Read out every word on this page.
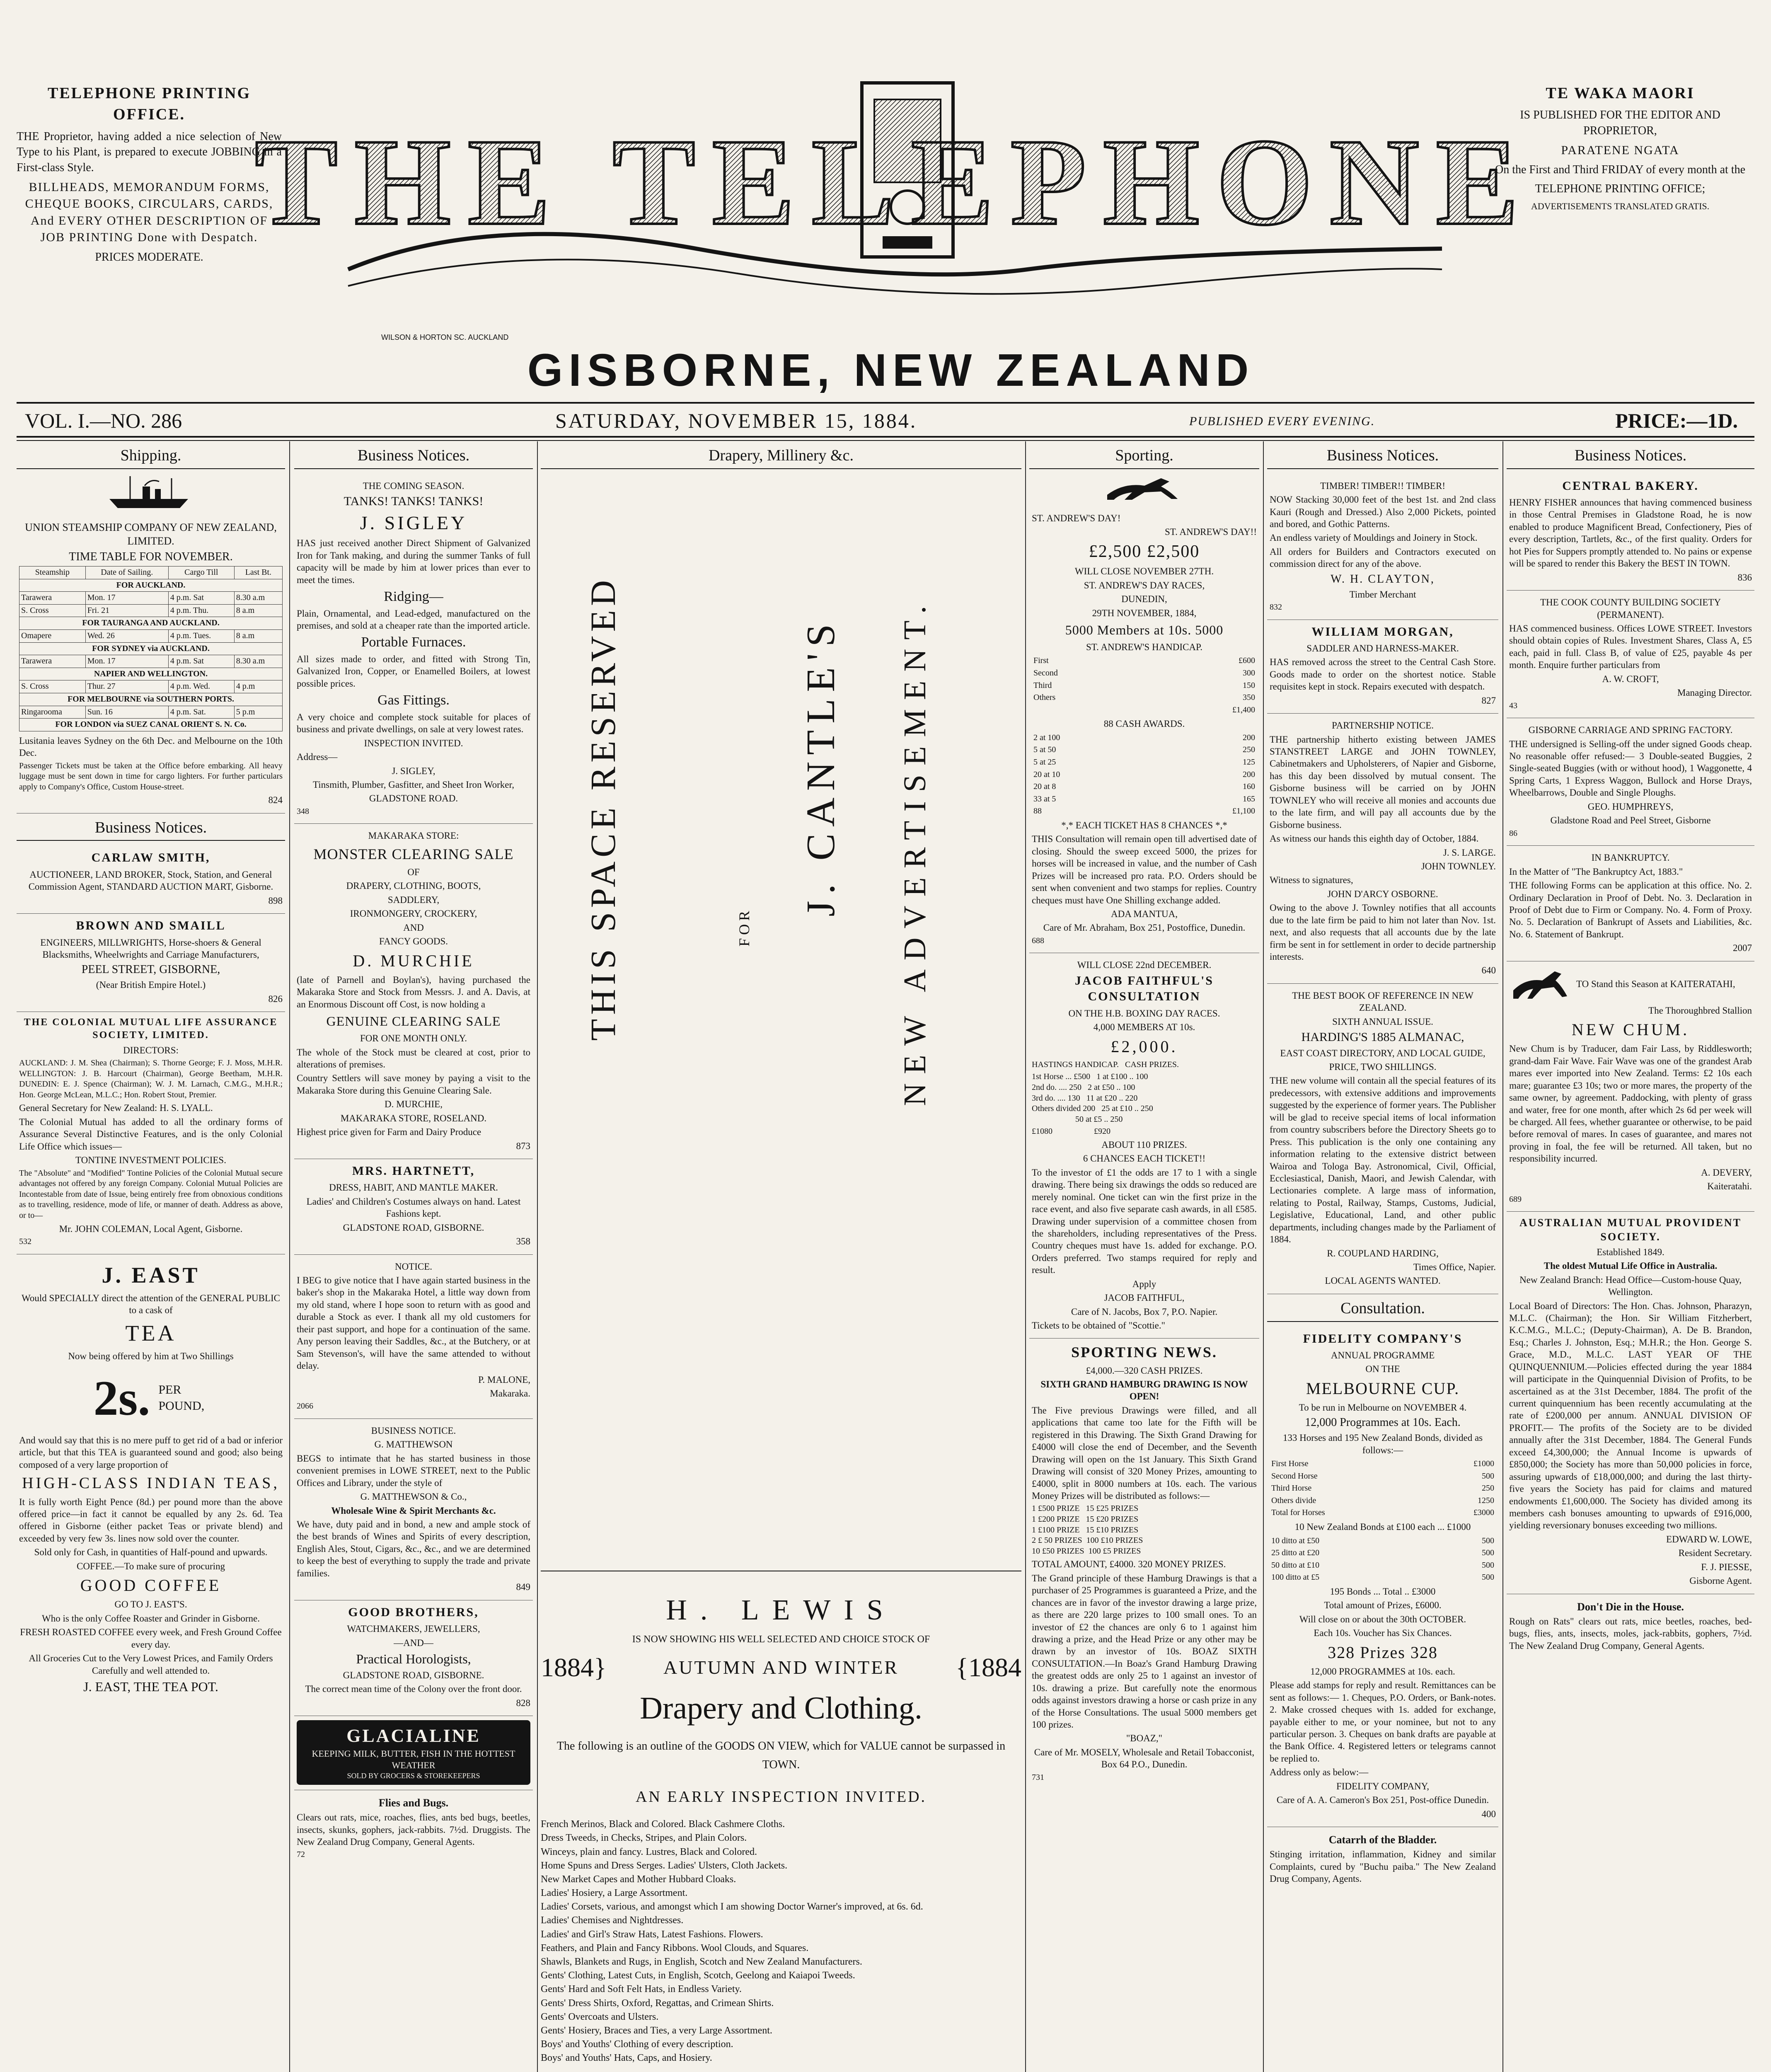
TELEPHONE PRINTING OFFICE.

THE Proprietor, having added a nice selection of New Type to his Plant, is prepared to execute JOBBING in a First-class Style.

BILLHEADS, MEMORANDUM FORMS, CHEQUE BOOKS, CIRCULARS, CARDS, And EVERY OTHER DESCRIPTION OF JOB PRINTING Done with Despatch.

PRICES MODERATE.

THE TELEPHONE
WILSON & HORTON SC. AUCKLAND
GISBORNE, NEW ZEALAND
TE WAKA MAORI

IS PUBLISHED FOR THE EDITOR AND PROPRIETOR,

PARATENE NGATA

On the First and Third FRIDAY of every month at the

TELEPHONE PRINTING OFFICE;

ADVERTISEMENTS TRANSLATED GRATIS.

VOL. I.—NO. 286	SATURDAY, NOVEMBER 15, 1884.	PUBLISHED EVERY EVENING.	PRICE:—1D.
Shipping.

UNION STEAMSHIP COMPANY OF NEW ZEALAND, LIMITED.

TIME TABLE FOR NOVEMBER.

Steamship	Date of Sailing.	Cargo Till	Last Bt.
FOR AUCKLAND.			
Tarawera	Mon. 17	4 p.m. Sat	8.30 a.m
S. Cross	Fri. 21	4 p.m. Thu.	8 a.m
FOR TAURANGA AND AUCKLAND.			
Omapere	Wed. 26	4 p.m. Tues.	8 a.m
FOR SYDNEY via AUCKLAND.			
Tarawera	Mon. 17	4 p.m. Sat	8.30 a.m
NAPIER AND WELLINGTON.			
S. Cross	Thur. 27	4 p.m. Wed.	4 p.m
FOR MELBOURNE via SOUTHERN PORTS.			
Ringarooma	Sun. 16	4 p.m. Sat.	5 p.m
FOR LONDON via SUEZ CANAL ORIENT S. N. Co.			

Lusitania leaves Sydney on the 6th Dec. and Melbourne on the 10th Dec.

Passenger Tickets must be taken at the Office before embarking. All heavy luggage must be sent down in time for cargo lighters. For further particulars apply to Company's Office, Custom House-street.

824

Business Notices.
CARLAW SMITH,

AUCTIONEER, LAND BROKER, Stock, Station, and General Commission Agent, STANDARD AUCTION MART, Gisborne.

898

BROWN AND SMAILL

ENGINEERS, MILLWRIGHTS, Horse-shoers & General Blacksmiths, Wheelwrights and Carriage Manufacturers,

PEEL STREET, GISBORNE,

(Near British Empire Hotel.)

826

THE COLONIAL MUTUAL LIFE ASSURANCE SOCIETY, LIMITED.

DIRECTORS:

AUCKLAND: J. M. Shea (Chairman); S. Thorne George; F. J. Moss, M.H.R. WELLINGTON: J. B. Harcourt (Chairman), George Beetham, M.H.R. DUNEDIN: E. J. Spence (Chairman); W. J. M. Larnach, C.M.G., M.H.R.; Hon. George McLean, M.L.C.; Hon. Robert Stout, Premier.

General Secretary for New Zealand: H. S. LYALL.

The Colonial Mutual has added to all the ordinary forms of Assurance Several Distinctive Features, and is the only Colonial Life Office which issues—

TONTINE INVESTMENT POLICIES.

The "Absolute" and "Modified" Tontine Policies of the Colonial Mutual secure advantages not offered by any foreign Company. Colonial Mutual Policies are Incontestable from date of Issue, being entirely free from obnoxious conditions as to travelling, residence, mode of life, or manner of death. Address as above, or to—

Mr. JOHN COLEMAN, Local Agent, Gisborne.

532

J. EAST

Would SPECIALLY direct the attention of the GENERAL PUBLIC to a cask of

TEA

Now being offered by him at Two Shillings

2s. PER POUND,

And would say that this is no mere puff to get rid of a bad or inferior article, but that this TEA is guaranteed sound and good; also being composed of a very large proportion of

HIGH-CLASS INDIAN TEAS,

It is fully worth Eight Pence (8d.) per pound more than the above offered price—in fact it cannot be equalled by any 2s. 6d. Tea offered in Gisborne (either packet Teas or private blend) and exceeded by very few 3s. lines now sold over the counter.

Sold only for Cash, in quantities of Half-pound and upwards.

COFFEE.—To make sure of procuring

GOOD COFFEE

GO TO J. EAST'S.

Who is the only Coffee Roaster and Grinder in Gisborne.

FRESH ROASTED COFFEE every week, and Fresh Ground Coffee every day.

All Groceries Cut to the Very Lowest Prices, and Family Orders Carefully and well attended to.

J. EAST, THE TEA POT.

Business Notices.

THE COMING SEASON.

TANKS! TANKS! TANKS!

J. SIGLEY

HAS just received another Direct Shipment of Galvanized Iron for Tank making, and during the summer Tanks of full capacity will be made by him at lower prices than ever to meet the times.

Ridging—

Plain, Ornamental, and Lead-edged, manufactured on the premises, and sold at a cheaper rate than the imported article.

Portable Furnaces.

All sizes made to order, and fitted with Strong Tin, Galvanized Iron, Copper, or Enamelled Boilers, at lowest possible prices.

Gas Fittings.

A very choice and complete stock suitable for places of business and private dwellings, on sale at very lowest rates.

INSPECTION INVITED.

Address—

J. SIGLEY,

Tinsmith, Plumber, Gasfitter, and Sheet Iron Worker,

GLADSTONE ROAD.

348

MAKARAKA STORE:

MONSTER CLEARING SALE

OF

DRAPERY, CLOTHING, BOOTS,

SADDLERY,

IRONMONGERY, CROCKERY,

AND

FANCY GOODS.

D. MURCHIE

(late of Parnell and Boylan's), having purchased the Makaraka Store and Stock from Messrs. J. and A. Davis, at an Enormous Discount off Cost, is now holding a

GENUINE CLEARING SALE

FOR ONE MONTH ONLY.

The whole of the Stock must be cleared at cost, prior to alterations of premises.

Country Settlers will save money by paying a visit to the Makaraka Store during this Genuine Clearing Sale.

D. MURCHIE,

MAKARAKA STORE, ROSELAND.

Highest price given for Farm and Dairy Produce

873

MRS. HARTNETT,

DRESS, HABIT, AND MANTLE MAKER.

Ladies' and Children's Costumes always on hand. Latest Fashions kept.

GLADSTONE ROAD, GISBORNE.

358

NOTICE.

I BEG to give notice that I have again started business in the baker's shop in the Makaraka Hotel, a little way down from my old stand, where I hope soon to return with as good and durable a Stock as ever. I thank all my old customers for their past support, and hope for a continuation of the same. Any person leaving their Saddles, &c., at the Butchery, or at Sam Stevenson's, will have the same attended to without delay.

P. MALONE,

Makaraka.

2066

BUSINESS NOTICE.

G. MATTHEWSON

BEGS to intimate that he has started business in those convenient premises in LOWE STREET, next to the Public Offices and Library, under the style of

G. MATTHEWSON & Co.,

Wholesale Wine & Spirit Merchants &c.

We have, duty paid and in bond, a new and ample stock of the best brands of Wines and Spirits of every description, English Ales, Stout, Cigars, &c., &c., and we are determined to keep the best of everything to supply the trade and private families.

849

GOOD BROTHERS,

WATCHMAKERS, JEWELLERS,

—AND—

Practical Horologists,

GLADSTONE ROAD, GISBORNE.

The correct mean time of the Colony over the front door.

828

GLACIALINE
KEEPING MILK, BUTTER, FISH IN THE HOTTEST WEATHER
SOLD BY GROCERS & STOREKEEPERS

Flies and Bugs.

Clears out rats, mice, roaches, flies, ants bed bugs, beetles, insects, skunks, gophers, jack-rabbits. 7½d. Druggists. The New Zealand Drug Company, General Agents.

72

Drapery, Millinery &c.
THIS SPACE RESERVED	FOR
J. CANTLE'S NEW ADVERTISEMENT.
H. LEWIS
IS NOW SHOWING HIS WELL SELECTED AND CHOICE STOCK OF
1884}	AUTUMN AND WINTER {1884
Drapery and Clothing.

The following is an outline of the GOODS ON VIEW, which for VALUE cannot be surpassed in TOWN.

AN EARLY INSPECTION INVITED.
French Merinos, Black and Colored. Black Cashmere Cloths.
Dress Tweeds, in Checks, Stripes, and Plain Colors.
Winceys, plain and fancy. Lustres, Black and Colored.
Home Spuns and Dress Serges. Ladies' Ulsters, Cloth Jackets.
New Market Capes and Mother Hubbard Cloaks.
Ladies' Hosiery, a Large Assortment.
Ladies' Corsets, various, and amongst which I am showing Doctor Warner's improved, at 6s. 6d.
Ladies' Chemises and Nightdresses.
Ladies' and Girl's Straw Hats, Latest Fashions. Flowers.
Feathers, and Plain and Fancy Ribbons. Wool Clouds, and Squares.
Shawls, Blankets and Rugs, in English, Scotch and New Zealand Manufacturers.
Gents' Clothing, Latest Cuts, in English, Scotch, Geelong and Kaiapoi Tweeds.
Gents' Hard and Soft Felt Hats, in Endless Variety.
Gents' Dress Shirts, Oxford, Regattas, and Crimean Shirts.
Gents' Overcoats and Ulsters.
Gents' Hosiery, Braces and Ties, a very Large Assortment.
Boys' and Youths' Clothing of every description.
Boys' and Youths' Hats, Caps, and Hosiery.

Sporting.

ST. ANDREW'S DAY!

ST. ANDREW'S DAY!!

£2,500 £2,500

WILL CLOSE NOVEMBER 27TH.

ST. ANDREW'S DAY RACES,

DUNEDIN,

29TH NOVEMBER, 1884,

5000 Members at 10s. 5000

ST. ANDREW'S HANDICAP.

First	£600
Second	300
Third	150
Others	350
	£1,400

88 CASH AWARDS.

2 at 100	200
5 at 50	250
5 at 25	125
20 at 10	200
20 at 8	160
33 at 5	165
88	£1,100

*,* EACH TICKET HAS 8 CHANCES *,*

THIS Consultation will remain open till advertised date of closing. Should the sweep exceed 5000, the prizes for horses will be increased in value, and the number of Cash Prizes will be increased pro rata. P.O. Orders should be sent when convenient and two stamps for replies. Country cheques must have One Shilling exchange added.

ADA MANTUA,

Care of Mr. Abraham, Box 251, Postoffice, Dunedin.

688

WILL CLOSE 22nd DECEMBER.

JACOB FAITHFUL'S CONSULTATION

ON THE H.B. BOXING DAY RACES.

4,000 MEMBERS AT 10s.

£2,000.

HASTINGS HANDICAP.   CASH PRIZES.

1st Horse ... £500   1 at £100 .. 100
2nd do. .... 250   2 at £50 .. 100
3rd do. .... 130   11 at £20 .. 220
Others divided 200   25 at £10 .. 250
50 at £5 .. 250

£1080                    £920

ABOUT 110 PRIZES.

6 CHANCES EACH TICKET!!

To the investor of £1 the odds are 17 to 1 with a single drawing. There being six drawings the odds so reduced are merely nominal. One ticket can win the first prize in the race event, and also five separate cash awards, in all £585. Drawing under supervision of a committee chosen from the shareholders, including representatives of the Press. Country cheques must have 1s. added for exchange. P.O. Orders preferred. Two stamps required for reply and result.

Apply

JACOB FAITHFUL,

Care of N. Jacobs, Box 7, P.O. Napier.

Tickets to be obtained of "Scottie."

SPORTING NEWS.

£4,000.—320 CASH PRIZES.

SIXTH GRAND HAMBURG DRAWING IS NOW OPEN!

The Five previous Drawings were filled, and all applications that came too late for the Fifth will be registered in this Drawing. The Sixth Grand Drawing for £4000 will close the end of December, and the Seventh Drawing will open on the 1st January. This Sixth Grand Drawing will consist of 320 Money Prizes, amounting to £4000, split in 8000 numbers at 10s. each. The various Money Prizes will be distributed as follows:—

1 £500 PRIZE   15 £25 PRIZES
1 £200 PRIZE   15 £20 PRIZES
1 £100 PRIZE   15 £10 PRIZES
2 £ 50 PRIZES  100 £10 PRIZES
10 £50 PRIZES  100 £5 PRIZES

TOTAL AMOUNT, £4000. 320 MONEY PRIZES.

The Grand principle of these Hamburg Drawings is that a purchaser of 25 Programmes is guaranteed a Prize, and the chances are in favor of the investor drawing a large prize, as there are 220 large prizes to 100 small ones. To an investor of £2 the chances are only 6 to 1 against him drawing a prize, and the Head Prize or any other may be drawn by an investor of 10s. BOAZ SIXTH CONSULTATION.—In Boaz's Grand Hamburg Drawing the greatest odds are only 25 to 1 against an investor of 10s. drawing a prize. But carefully note the enormous odds against investors drawing a horse or cash prize in any of the Horse Consultations. The usual 5000 members get 100 prizes.

"BOAZ,"

Care of Mr. MOSELY, Wholesale and Retail Tobacconist, Box 64 P.O., Dunedin.

731

Business Notices.

TIMBER! TIMBER!! TIMBER!

NOW Stacking 30,000 feet of the best 1st. and 2nd class Kauri (Rough and Dressed.) Also 2,000 Pickets, pointed and bored, and Gothic Patterns.

An endless variety of Mouldings and Joinery in Stock.

All orders for Builders and Contractors executed on commission direct for any of the above.

W. H. CLAYTON,

Timber Merchant

832

WILLIAM MORGAN,

SADDLER AND HARNESS-MAKER.

HAS removed across the street to the Central Cash Store. Goods made to order on the shortest notice. Stable requisites kept in stock. Repairs executed with despatch.

827

PARTNERSHIP NOTICE.

THE partnership hitherto existing between JAMES STANSTREET LARGE and JOHN TOWNLEY, Cabinetmakers and Upholsterers, of Napier and Gisborne, has this day been dissolved by mutual consent. The Gisborne business will be carried on by JOHN TOWNLEY who will receive all monies and accounts due to the late firm, and will pay all accounts due by the Gisborne business.

As witness our hands this eighth day of October, 1884.

J. S. LARGE.

JOHN TOWNLEY.

Witness to signatures,

JOHN D'ARCY OSBORNE.

Owing to the above J. Townley notifies that all accounts due to the late firm be paid to him not later than Nov. 1st. next, and also requests that all accounts due by the late firm be sent in for settlement in order to decide partnership interests.

640

THE BEST BOOK OF REFERENCE IN NEW ZEALAND.

SIXTH ANNUAL ISSUE.

HARDING'S 1885 ALMANAC,

EAST COAST DIRECTORY, AND LOCAL GUIDE,

PRICE, TWO SHILLINGS.

THE new volume will contain all the special features of its predecessors, with extensive additions and improvements suggested by the experience of former years. The Publisher will be glad to receive special items of local information from country subscribers before the Directory Sheets go to Press. This publication is the only one containing any information relating to the extensive district between Wairoa and Tologa Bay. Astronomical, Civil, Official, Ecclesiastical, Danish, Maori, and Jewish Calendar, with Lectionaries complete. A large mass of information, relating to Postal, Railway, Stamps, Customs, Judicial, Legislative, Educational, Land, and other public departments, including changes made by the Parliament of 1884.

R. COUPLAND HARDING,

Times Office, Napier.

LOCAL AGENTS WANTED.

Consultation.
FIDELITY COMPANY'S

ANNUAL PROGRAMME

ON THE

MELBOURNE CUP.

To be run in Melbourne on NOVEMBER 4.

12,000 Programmes at 10s. Each.

133 Horses and 195 New Zealand Bonds, divided as follows:—

First Horse	£1000
Second Horse	500
Third Horse	250
Others divide	1250
Total for Horses	£3000

10 New Zealand Bonds at £100 each ... £1000

10 ditto at £50	500
25 ditto at £20	500
50 ditto at £10	500
100 ditto at £5	500

195 Bonds ... Total .. £3000

Total amount of Prizes, £6000.

Will close on or about the 30th OCTOBER.

Each 10s. Voucher has Six Chances.

328 Prizes 328

12,000 PROGRAMMES at 10s. each.

Please add stamps for reply and result. Remittances can be sent as follows:— 1. Cheques, P.O. Orders, or Bank-notes. 2. Make crossed cheques with 1s. added for exchange, payable either to me, or your nominee, but not to any particular person. 3. Cheques on bank drafts are payable at the Bank Office. 4. Registered letters or telegrams cannot be replied to.

Address only as below:—

FIDELITY COMPANY,

Care of A. A. Cameron's Box 251, Post-office Dunedin.

400

Catarrh of the Bladder.

Stinging irritation, inflammation, Kidney and similar Complaints, cured by "Buchu paiba." The New Zealand Drug Company, Agents.

Business Notices.
CENTRAL BAKERY.

HENRY FISHER announces that having commenced business in those Central Premises in Gladstone Road, he is now enabled to produce Magnificent Bread, Confectionery, Pies of every description, Tartlets, &c., of the first quality. Orders for hot Pies for Suppers promptly attended to. No pains or expense will be spared to render this Bakery the BEST IN TOWN.

836

THE COOK COUNTY BUILDING SOCIETY (PERMANENT).

HAS commenced business. Offices LOWE STREET. Investors should obtain copies of Rules. Investment Shares, Class A, £5 each, paid in full. Class B, of value of £25, payable 4s per month. Enquire further particulars from

A. W. CROFT,

Managing Director.

43

GISBORNE CARRIAGE AND SPRING FACTORY.

THE undersigned is Selling-off the under signed Goods cheap. No reasonable offer refused:— 3 Double-seated Buggies, 2 Single-seated Buggies (with or without hood), 1 Waggonette, 4 Spring Carts, 1 Express Waggon, Bullock and Horse Drays, Wheelbarrows, Double and Single Ploughs.

GEO. HUMPHREYS,

Gladstone Road and Peel Street, Gisborne

86

IN BANKRUPTCY.

In the Matter of "The Bankruptcy Act, 1883."

THE following Forms can be application at this office. No. 2. Ordinary Declaration in Proof of Debt. No. 3. Declaration in Proof of Debt due to Firm or Company. No. 4. Form of Proxy. No. 5. Declaration of Bankrupt of Assets and Liabilities, &c. No. 6. Statement of Bankrupt.

2007

TO Stand this Season at KAITERATAHI,

The Thoroughbred Stallion

NEW CHUM.

New Chum is by Traducer, dam Fair Lass, by Riddlesworth; grand-dam Fair Wave. Fair Wave was one of the grandest Arab mares ever imported into New Zealand. Terms: £2 10s each mare; guarantee £3 10s; two or more mares, the property of the same owner, by agreement. Paddocking, with plenty of grass and water, free for one month, after which 2s 6d per week will be charged. All fees, whether guarantee or otherwise, to be paid before removal of mares. In cases of guarantee, and mares not proving in foal, the fee will be returned. All taken, but no responsibility incurred.

A. DEVERY,

Kaiteratahi.

689

AUSTRALIAN MUTUAL PROVIDENT SOCIETY.

Established 1849.

The oldest Mutual Life Office in Australia.

New Zealand Branch: Head Office—Custom-house Quay, Wellington.

Local Board of Directors: The Hon. Chas. Johnson, Pharazyn, M.L.C. (Chairman); the Hon. Sir William Fitzherbert, K.C.M.G., M.L.C.; (Deputy-Chairman), A. De B. Brandon, Esq.; Charles J. Johnston, Esq.; M.H.R.; the Hon. George S. Grace, M.D., M.L.C. LAST YEAR OF THE QUINQUENNIUM.—Policies effected during the year 1884 will participate in the Quinquennial Division of Profits, to be ascertained as at the 31st December, 1884. The profit of the current quinquennium has been recently accumulating at the rate of £200,000 per annum. ANNUAL DIVISION OF PROFIT.— The profits of the Society are to be divided annually after the 31st December, 1884. The General Funds exceed £4,300,000; the Annual Income is upwards of £850,000; the Society has more than 50,000 policies in force, assuring upwards of £18,000,000; and during the last thirty-five years the Society has paid for claims and matured endowments £1,600,000. The Society has divided among its members cash bonuses amounting to upwards of £916,000, yielding reversionary bonuses exceeding two millions.

EDWARD W. LOWE,

Resident Secretary.

F. J. PIESSE,

Gisborne Agent.

Don't Die in the House.

Rough on Rats" clears out rats, mice beetles, roaches, bed-bugs, flies, ants, insects, moles, jack-rabbits, gophers, 7½d. The New Zealand Drug Company, General Agents.
